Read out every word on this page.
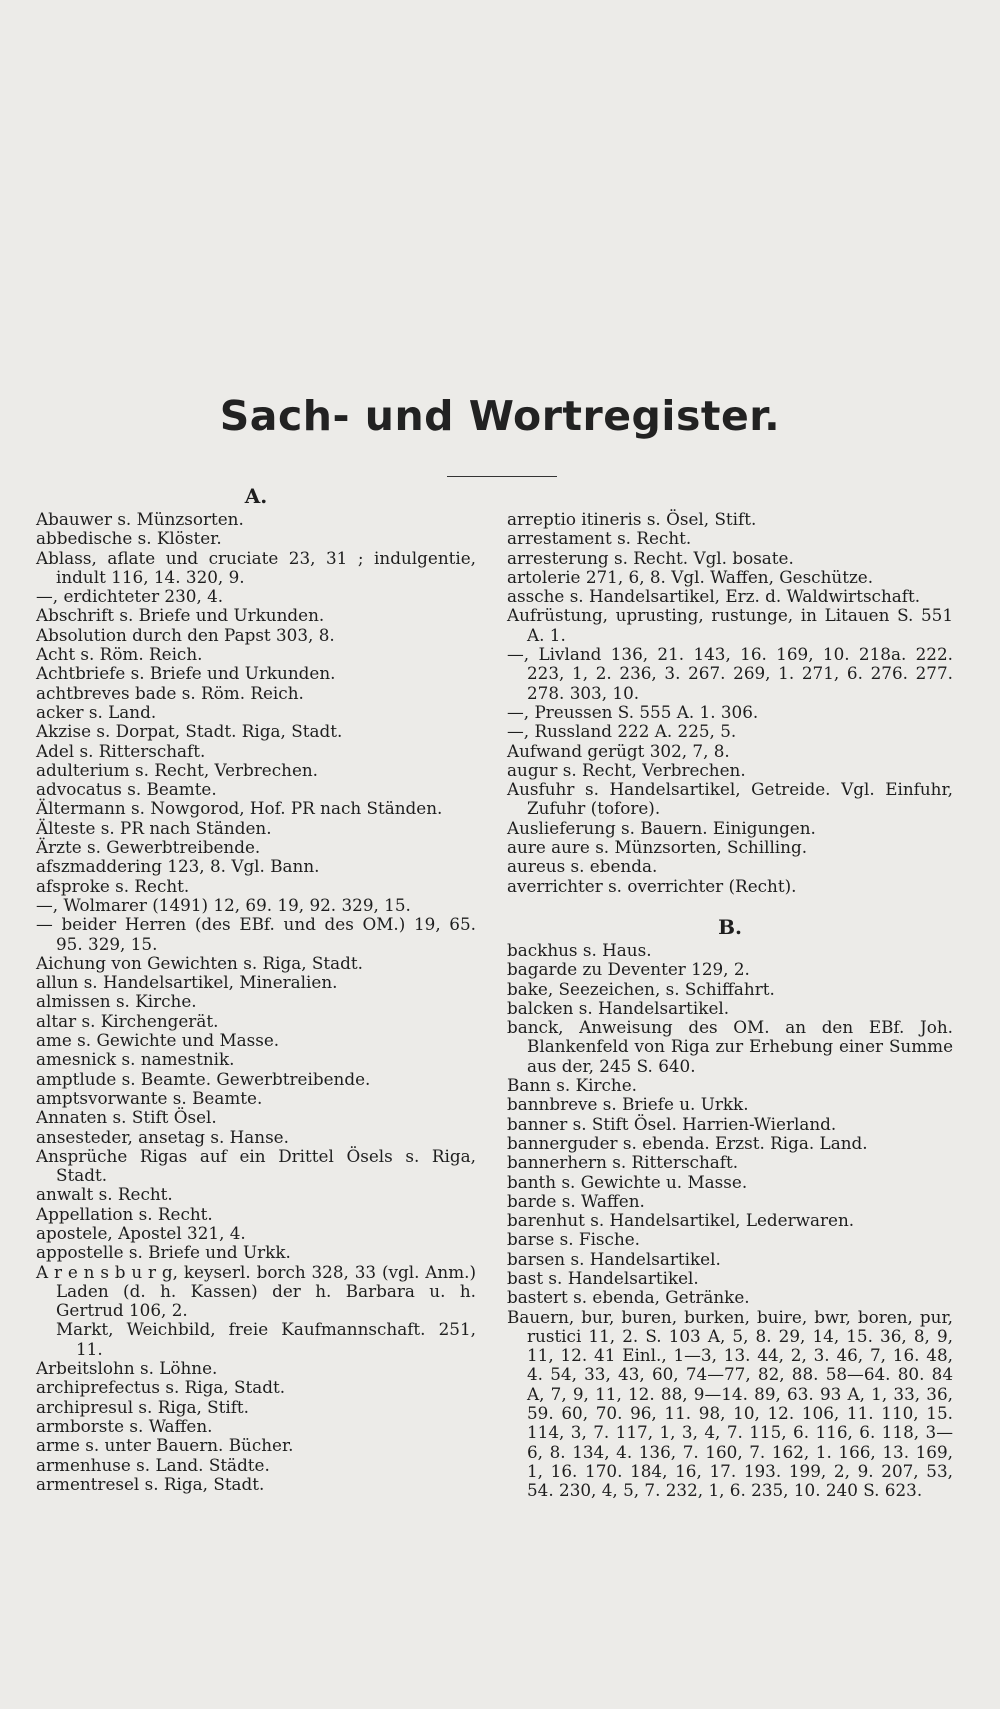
Sach- und Wortregister.
A.
Abauwer s. Münzsorten.
abbedische s. Klöster.
Ablass, aflate und cruciate 23, 31 ; indulgentie, indult 116, 14. 320, 9.
—, erdichteter 230, 4.
Abschrift s. Briefe und Urkunden.
Absolution durch den Papst 303, 8.
Acht s. Röm. Reich.
Achtbriefe s. Briefe und Urkunden.
achtbreves bade s. Röm. Reich.
acker s. Land.
Akzise s. Dorpat, Stadt. Riga, Stadt.
Adel s. Ritterschaft.
adulterium s. Recht, Verbrechen.
advocatus s. Beamte.
Ältermann s. Nowgorod, Hof. PR nach Ständen.
Älteste s. PR nach Ständen.
Ärzte s. Gewerbtreibende.
afszmaddering 123, 8. Vgl. Bann.
afsproke s. Recht.
—, Wolmarer (1491) 12, 69. 19, 92. 329, 15.
— beider Herren (des EBf. und des OM.) 19, 65. 95. 329, 15.
Aichung von Gewichten s. Riga, Stadt.
allun s. Handelsartikel, Mineralien.
almissen s. Kirche.
altar s. Kirchengerät.
ame s. Gewichte und Masse.
amesnick s. namestnik.
amptlude s. Beamte. Gewerbtreibende.
amptsvorwante s. Beamte.
Annaten s. Stift Ösel.
ansesteder, ansetag s. Hanse.
Ansprüche Rigas auf ein Drittel Ösels s. Riga, Stadt.
anwalt s. Recht.
Appellation s. Recht.
apostele, Apostel 321, 4.
appostelle s. Briefe und Urkk.
A r e n s b u r g, keyserl. borch 328, 33 (vgl. Anm.) Laden (d. h. Kassen) der h. Barbara u. h. Gertrud 106, 2.
Markt, Weichbild, freie Kaufmannschaft. 251, 11.
Arbeitslohn s. Löhne.
archiprefectus s. Riga, Stadt.
archipresul s. Riga, Stift.
armborste s. Waffen.
arme s. unter Bauern. Bücher.
armenhuse s. Land. Städte.
armentresel s. Riga, Stadt.
arreptio itineris s. Ösel, Stift.
arrestament s. Recht.
arresterung s. Recht. Vgl. bosate.
artolerie 271, 6, 8. Vgl. Waffen, Geschütze.
assche s. Handelsartikel, Erz. d. Waldwirtschaft.
Aufrüstung, uprusting, rustunge, in Litauen S. 551 A. 1.
—, Livland 136, 21. 143, 16. 169, 10. 218a. 222. 223, 1, 2. 236, 3. 267. 269, 1. 271, 6. 276. 277. 278. 303, 10.
—, Preussen S. 555 A. 1. 306.
—, Russland 222 A. 225, 5.
Aufwand gerügt 302, 7, 8.
augur s. Recht, Verbrechen.
Ausfuhr s. Handelsartikel, Getreide. Vgl. Einfuhr, Zufuhr (tofore).
Auslieferung s. Bauern. Einigungen.
aure aure s. Münzsorten, Schilling.
aureus s. ebenda.
averrichter s. overrichter (Recht).
B.
backhus s. Haus.
bagarde zu Deventer 129, 2.
bake, Seezeichen, s. Schiffahrt.
balcken s. Handelsartikel.
banck, Anweisung des OM. an den EBf. Joh. Blankenfeld von Riga zur Erhebung einer Summe aus der, 245 S. 640.
Bann s. Kirche.
bannbreve s. Briefe u. Urkk.
banner s. Stift Ösel. Harrien-Wierland.
bannerguder s. ebenda. Erzst. Riga. Land.
bannerhern s. Ritterschaft.
banth s. Gewichte u. Masse.
barde s. Waffen.
barenhut s. Handelsartikel, Lederwaren.
barse s. Fische.
barsen s. Handelsartikel.
bast s. Handelsartikel.
bastert s. ebenda, Getränke.
Bauern, bur, buren, burken, buire, bwr, boren, pur, rustici 11, 2. S. 103 A, 5, 8. 29, 14, 15. 36, 8, 9, 11, 12. 41 Einl., 1—3, 13. 44, 2, 3. 46, 7, 16. 48, 4. 54, 33, 43, 60, 74—77, 82, 88. 58—64. 80. 84 A, 7, 9, 11, 12. 88, 9—14. 89, 63. 93 A, 1, 33, 36, 59. 60, 70. 96, 11. 98, 10, 12. 106, 11. 110, 15. 114, 3, 7. 117, 1, 3, 4, 7. 115, 6. 116, 6. 118, 3—6, 8. 134, 4. 136, 7. 160, 7. 162, 1. 166, 13. 169, 1, 16. 170. 184, 16, 17. 193. 199, 2, 9. 207, 53, 54. 230, 4, 5, 7. 232, 1, 6. 235, 10. 240 S. 623.
